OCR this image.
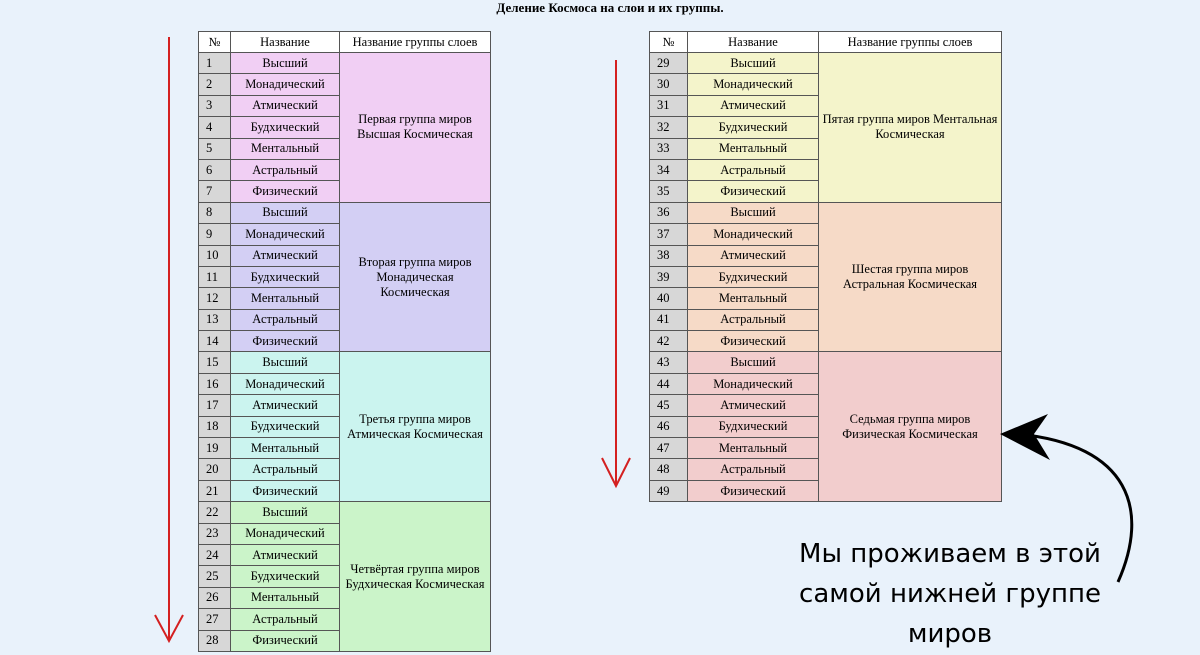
Деление Космоса на слои и их группы.
№	Название	Название группы слоев
1	Высший	Первая группа миров Высшая Космическая
2	Монадический	
3	Атмический	
4	Будхический	
5	Ментальный	
6	Астральный	
7	Физический	
8	Высший	Вторая группа миров Монадическая Космическая
9	Монадический	
10	Атмический	
11	Будхический	
12	Ментальный	
13	Астральный	
14	Физический	
15	Высший	Третья группа миров Атмическая Космическая
16	Монадический	
17	Атмический	
18	Будхический	
19	Ментальный	
20	Астральный	
21	Физический	
22	Высший	Четвёртая группа миров Будхическая Космическая
23	Монадический	
24	Атмический	
25	Будхический	
26	Ментальный	
27	Астральный	
28	Физический	
№	Название	Название группы слоев
29	Высший	Пятая группа миров Ментальная Космическая
30	Монадический	
31	Атмический	
32	Будхический	
33	Ментальный	
34	Астральный	
35	Физический	
36	Высший	Шестая группа миров Астральная Космическая
37	Монадический	
38	Атмический	
39	Будхический	
40	Ментальный	
41	Астральный	
42	Физический	
43	Высший	Седьмая группа миров Физическая Космическая
44	Монадический	
45	Атмический	
46	Будхический	
47	Ментальный	
48	Астральный	
49	Физический	
Мы проживаем в этой самой нижней группе миров
